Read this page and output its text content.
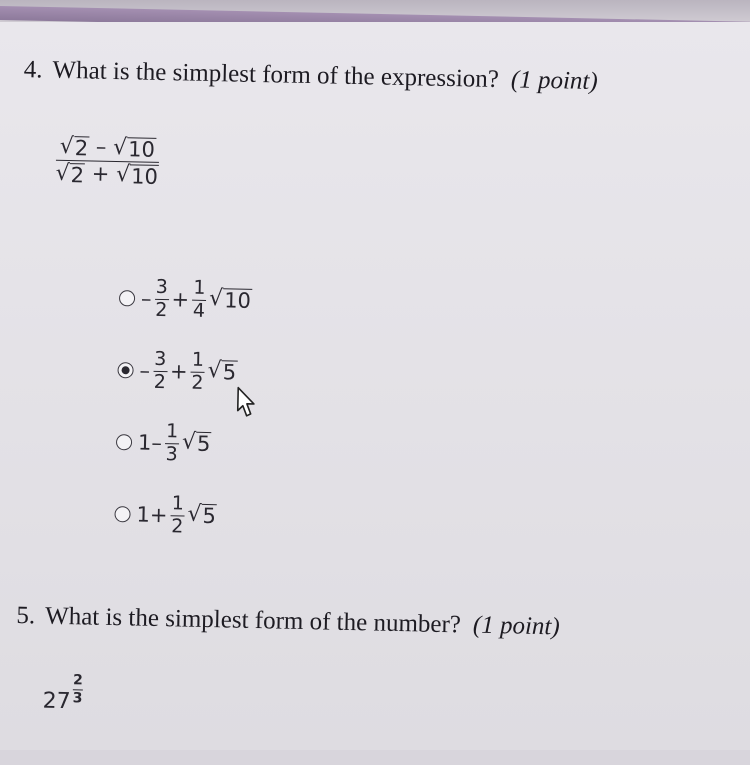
4. What is the simplest form of the expression? (1 point)
$\frac{√ 2 - √ 10}{√ 2 + √ 10}$
– $\frac{3}{2} + \frac{1}{4}$ √ 10
– $\frac{3}{2} + \frac{1}{2}$ √ 5
$1- \frac{1}{3}$ √ 5
$1+ \frac{1}{2}$ √ 5
5. What is the simplest form of the number? (1 point)
$27 \frac{2}{3}$
